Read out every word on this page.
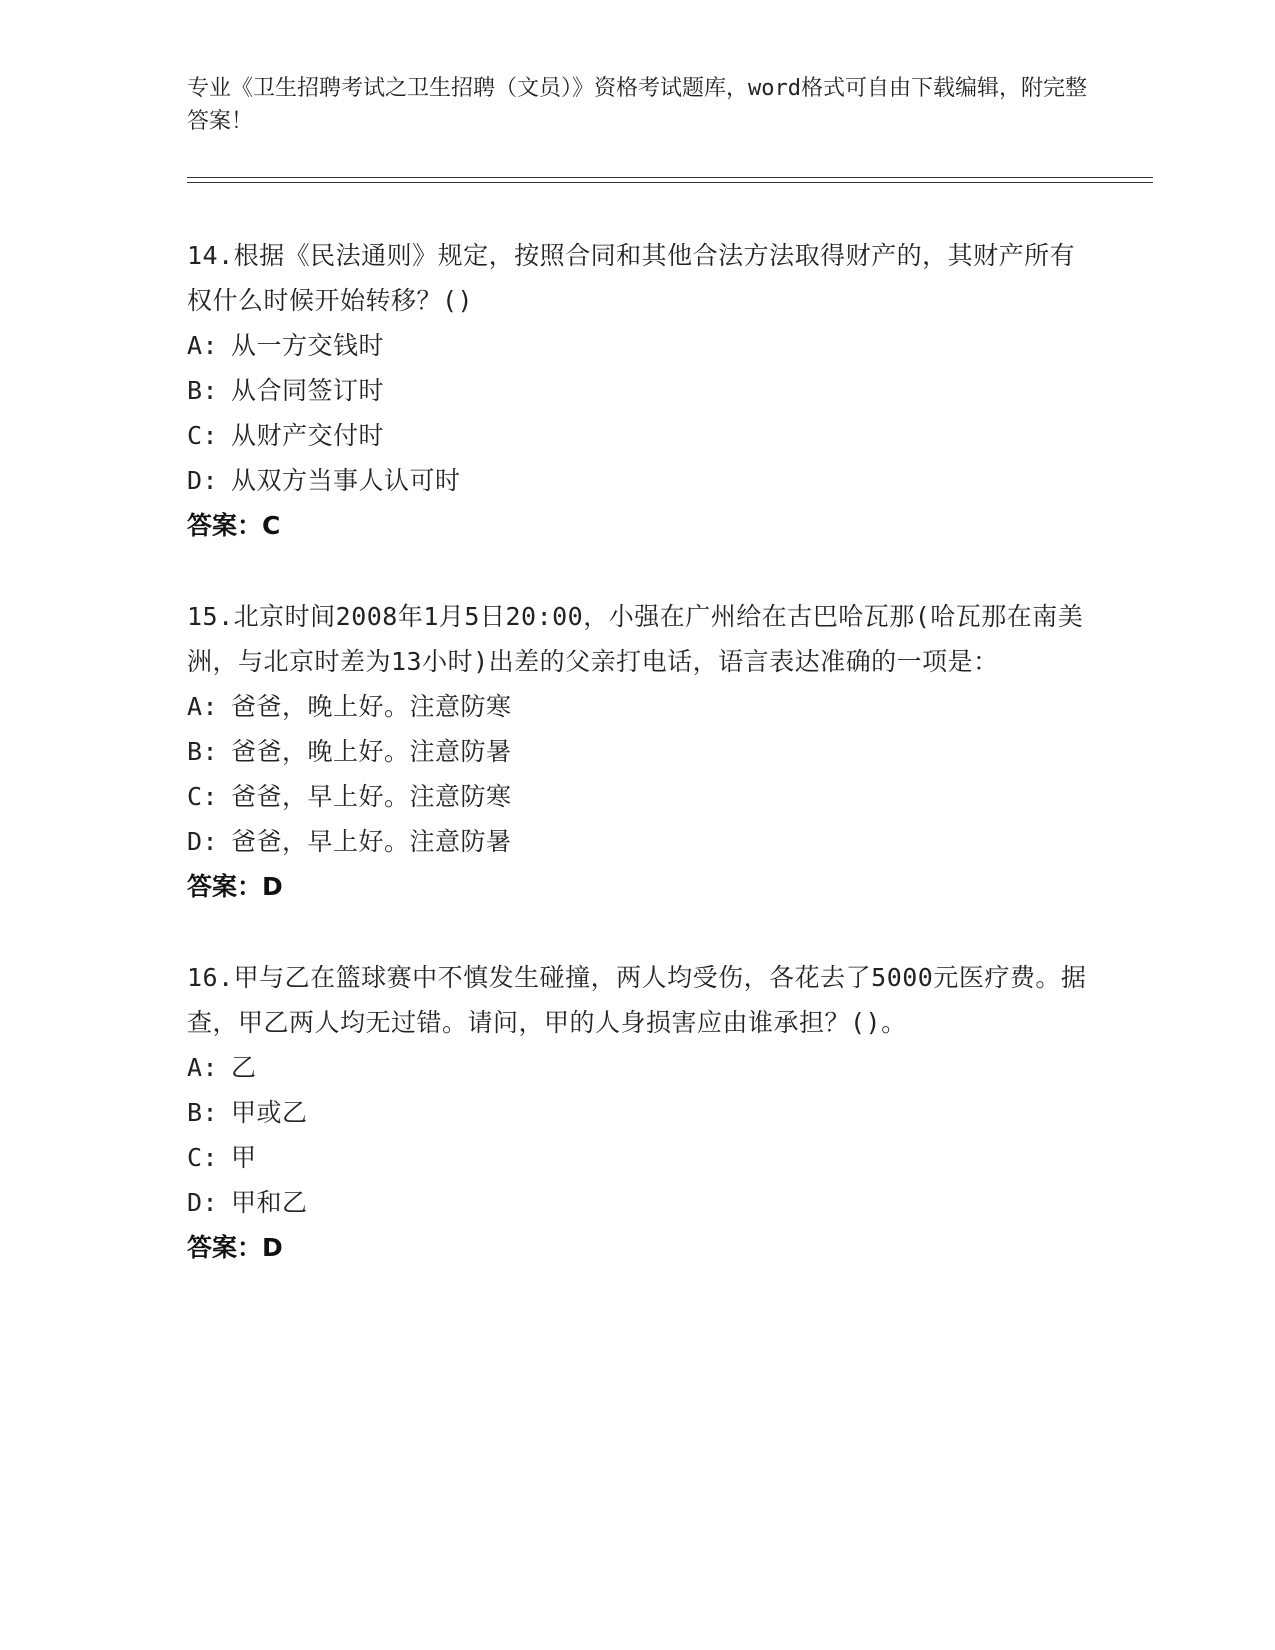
专业《卫生招聘考试之卫生招聘（文员）》资格考试题库，word格式可自由下载编辑，附完整答案！
14.根据《民法通则》规定，按照合同和其他合法方法取得财产的，其财产所有权什么时候开始转移？()
A: 从一方交钱时
B: 从合同签订时
C: 从财产交付时
D: 从双方当事人认可时
答案：C
15.北京时间2008年1月5日20:00，小强在广州给在古巴哈瓦那(哈瓦那在南美洲，与北京时差为13小时)出差的父亲打电话，语言表达准确的一项是：
A: 爸爸，晚上好。注意防寒
B: 爸爸，晚上好。注意防暑
C: 爸爸，早上好。注意防寒
D: 爸爸，早上好。注意防暑
答案：D
16.甲与乙在篮球赛中不慎发生碰撞，两人均受伤，各花去了5000元医疗费。据查，甲乙两人均无过错。请问，甲的人身损害应由谁承担？()。
A: 乙
B: 甲或乙
C: 甲
D: 甲和乙
答案：D
